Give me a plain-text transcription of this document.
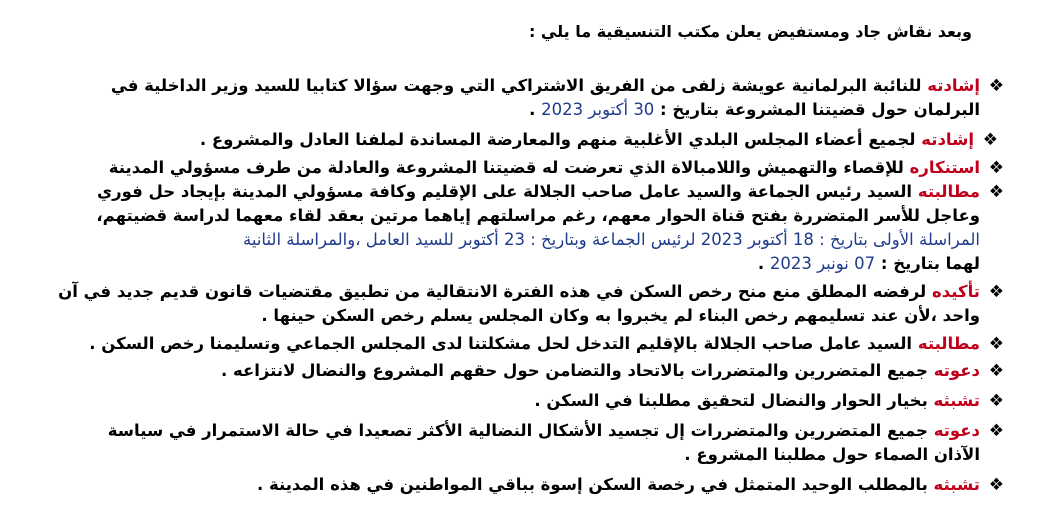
وبعد نقاش جاد ومستفيض يعلن مكتب التنسيقية ما يلي :
❖
إشادته للنائبة البرلمانية عويشة زلفى من الفريق الاشتراكي التي وجهت سؤالا كتابيا للسيد وزير الداخلية في
البرلمان حول قضيتنا المشروعة بتاريخ : 30 أكتوبر 2023 .
❖
إشادته لجميع أعضاء المجلس البلدي الأغلبية منهم والمعارضة المساندة لملفنا العادل والمشروع .
❖
استنكاره للإقصاء والتهميش واللامبالاة الذي تعرضت له قضيتنا المشروعة والعادلة من طرف مسؤولي المدينة
❖
مطالبته السيد رئيس الجماعة والسيد عامل صاحب الجلالة على الإقليم وكافة مسؤولي المدينة بإيجاد حل فوري
وعاجل للأسر المتضررة بفتح قناة الحوار معهم، رغم مراسلتهم إياهما مرتين بعقد لقاء معهما لدراسة قضيتهم،
المراسلة الأولى بتاريخ : 18 أكتوبر 2023 لرئيس الجماعة وبتاريخ : 23 أكتوبر للسيد العامل ،والمراسلة الثانية
لهما بتاريخ : 07 نونبر 2023 .
❖
تأكيده لرفضه المطلق منع منح رخص السكن في هذه الفترة الانتقالية من تطبيق مقتضيات قانون قديم جديد في آن
واحد ،لأن عند تسليمهم رخص البناء لم يخبروا به وكان المجلس يسلم رخص السكن حينها .
❖
مطالبته السيد عامل صاحب الجلالة بالإقليم التدخل لحل مشكلتنا لدى المجلس الجماعي وتسليمنا رخص السكن .
❖
دعوته جميع المتضررين والمتضررات بالاتحاد والتضامن حول حقهم المشروع والنضال لانتزاعه .
❖
تشبثه بخيار الحوار والنضال لتحقيق مطلبنا في السكن .
❖
دعوته جميع المتضررين والمتضررات إل تجسيد الأشكال النضالية الأكثر تصعيدا في حالة الاستمرار في سياسة
الآذان الصماء حول مطلبنا المشروع .
❖
تشبثه بالمطلب الوحيد المتمثل في رخصة السكن إسوة بباقي المواطنين في هذه المدينة .
